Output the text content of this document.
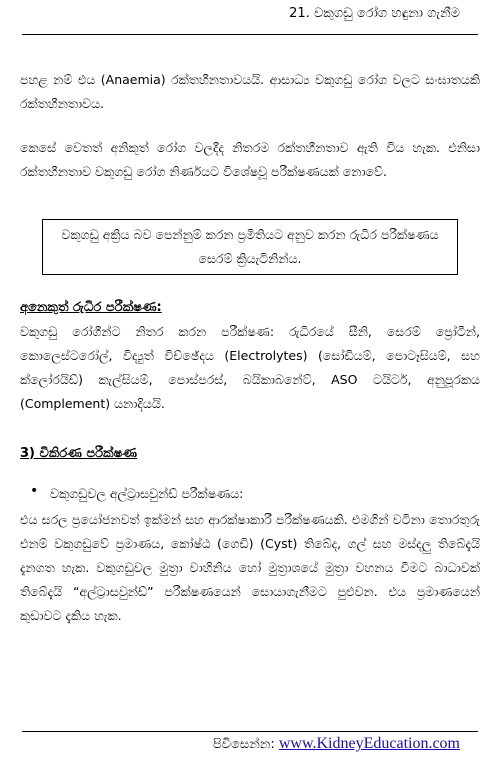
21. වකුගඩු රෝග හඳුනා ගැනීම
පහළ නම් එය (Anaemia) රක්තහීනතාවයයි. ආසාධ්‍ය වකුගඩු රෝග වලට සංඝාතයකි රක්තහීනතාවය.
කෙසේ වෙතත් අනිකුත් රෝග වලදීද නිතරම රක්තහීනතාව ඇති විය හැක. එනිසා රක්තහීනතාව වකුගඩු රෝග නිර්ණයට විශේෂවූ පරීක්ෂණයක් නොවේ.
වකුගඩු අක්‍රිය බව පෙන්නුම් කරන ප්‍රමිතියට අනුව කරන රුධිර පරීක්ෂණය සෙරම් ක්‍රියැටිනින්ය.
අනෙකුත් රුධිර පරීක්ෂණ:
වකුගඩු රෝගීන්ට නිතර කරන පරීක්ෂණ: රුධිරයේ සීනි, සෙරම් ප්‍රෝටීන්, කොලෙස්ටරෝල්, විද්‍යුත් විච්ඡේදය (Electrolytes) (සෝඩියම්, පොටෑසියම්, සහ ක්ලෝරයිඩ්) කැල්සියම්, පොස්පරස්, බයිකාබනේට්, ASO ටයිටර්, අනුපූරකය (Complement) යනාදියයි.
3) විකිරණ පරීක්ෂණ
• වකුගඩුවල අල්ට්‍රාසවුන්ඩ් පරීක්ෂණය:
එය සරල ප්‍රයෝජනවත් ඉක්මන් සහ ආරක්ෂාකාරී පරීක්ෂණයකි. එමගින් වටිනා තොරතුරු එනම් වකුගඩුවේ ප්‍රමාණය, කෝෂ්ඨ (ගෙඩි) (Cyst) තිබේද, ගල් සහ මස්දලු තිබේදැයි දැනගත හැක. වකුගඩුවල මුත්‍රා වාහිනිය හෝ මුත්‍රාශයේ මුත්‍රා වහනය වීමට බාධාවක් තිබේදැයි “අල්ට්‍රාසවුන්ඩ්” පරීක්ෂණයෙන් සොයාගැනීමට පුළුවන. එය ප්‍රමාණයෙන් කුඩාවට දැකිය හැක.
පිවිසෙන්න: www.KidneyEducation.com
